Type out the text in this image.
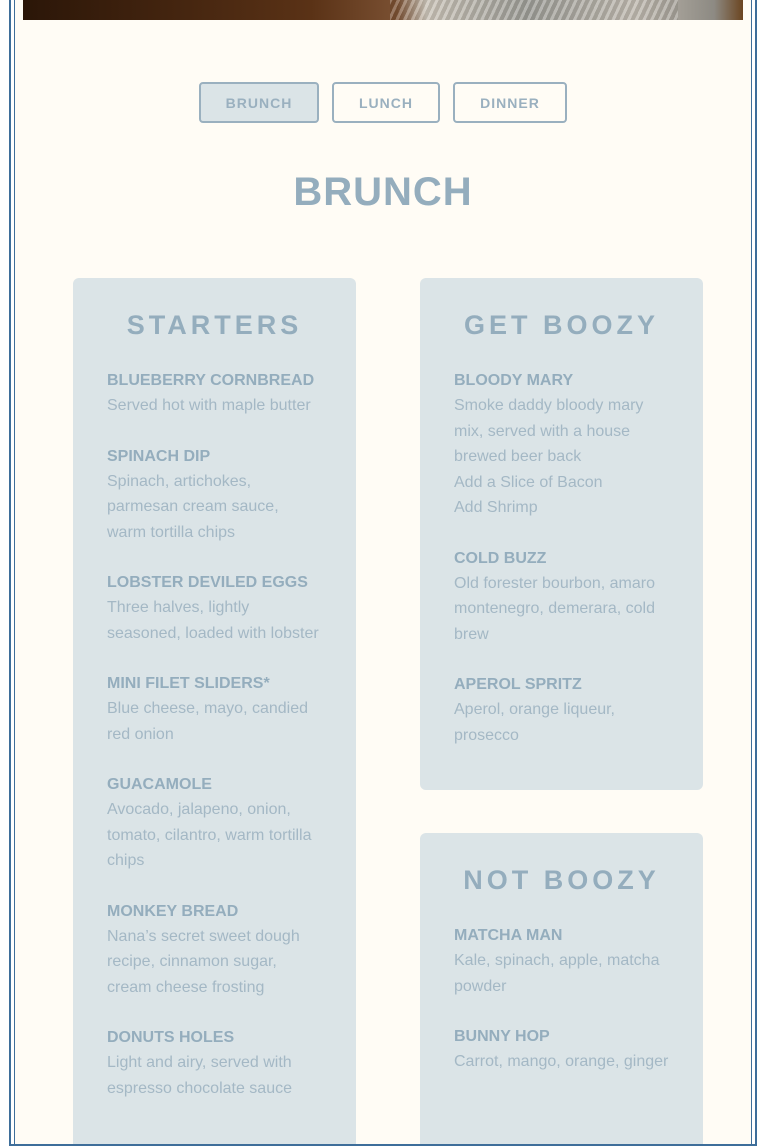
BRUNCH	LUNCH	DINNER
BRUNCH
STARTERS
BLUEBERRY CORNBREAD
Served hot with maple butter
SPINACH DIP
Spinach, artichokes, parmesan cream sauce, warm tortilla chips
LOBSTER DEVILED EGGS
Three halves, lightly seasoned, loaded with lobster
MINI FILET SLIDERS*
Blue cheese, mayo, candied red onion
GUACAMOLE
Avocado, jalapeno, onion, tomato, cilantro, warm tortilla chips
MONKEY BREAD
Nana’s secret sweet dough recipe, cinnamon sugar, cream cheese frosting
DONUTS HOLES
Light and airy, served with espresso chocolate sauce
GET BOOZY
BLOODY MARY
Smoke daddy bloody mary mix, served with a house brewed beer back
Add a Slice of Bacon
Add Shrimp
COLD BUZZ
Old forester bourbon, amaro montenegro, demerara, cold brew
APEROL SPRITZ
Aperol, orange liqueur, prosecco
NOT BOOZY
MATCHA MAN
Kale, spinach, apple, matcha powder
BUNNY HOP
Carrot, mango, orange, ginger
